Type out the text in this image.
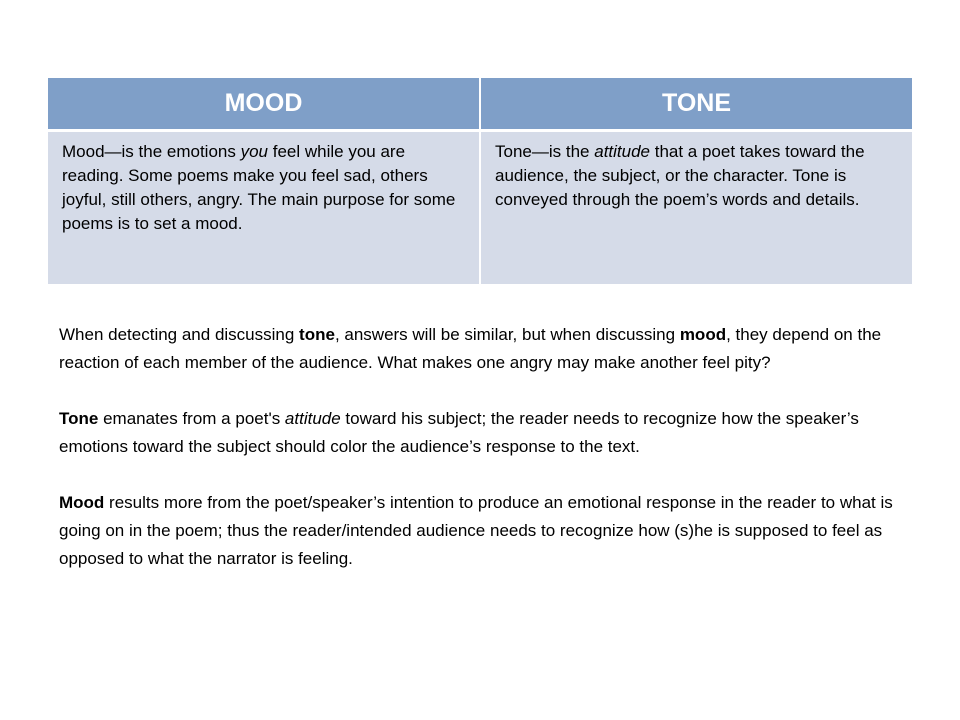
MOOD	TONE
Mood—is the emotions you feel while you are reading. Some poems make you feel sad, others joyful, still others, angry. The main purpose for some poems is to set a mood.	Tone—is the attitude that a poet takes toward the audience, the subject, or the character. Tone is conveyed through the poem’s words and details.

When detecting and discussing tone, answers will be similar, but when discussing mood, they depend on the reaction of each member of the audience. What makes one angry may make another feel pity?

Tone emanates from a poet's attitude toward his subject; the reader needs to recognize how the speaker’s emotions toward the subject should color the audience’s response to the text.

Mood results more from the poet/speaker’s intention to produce an emotional response in the reader to what is going on in the poem; thus the reader/intended audience needs to recognize how (s)he is supposed to feel as opposed to what the narrator is feeling.
